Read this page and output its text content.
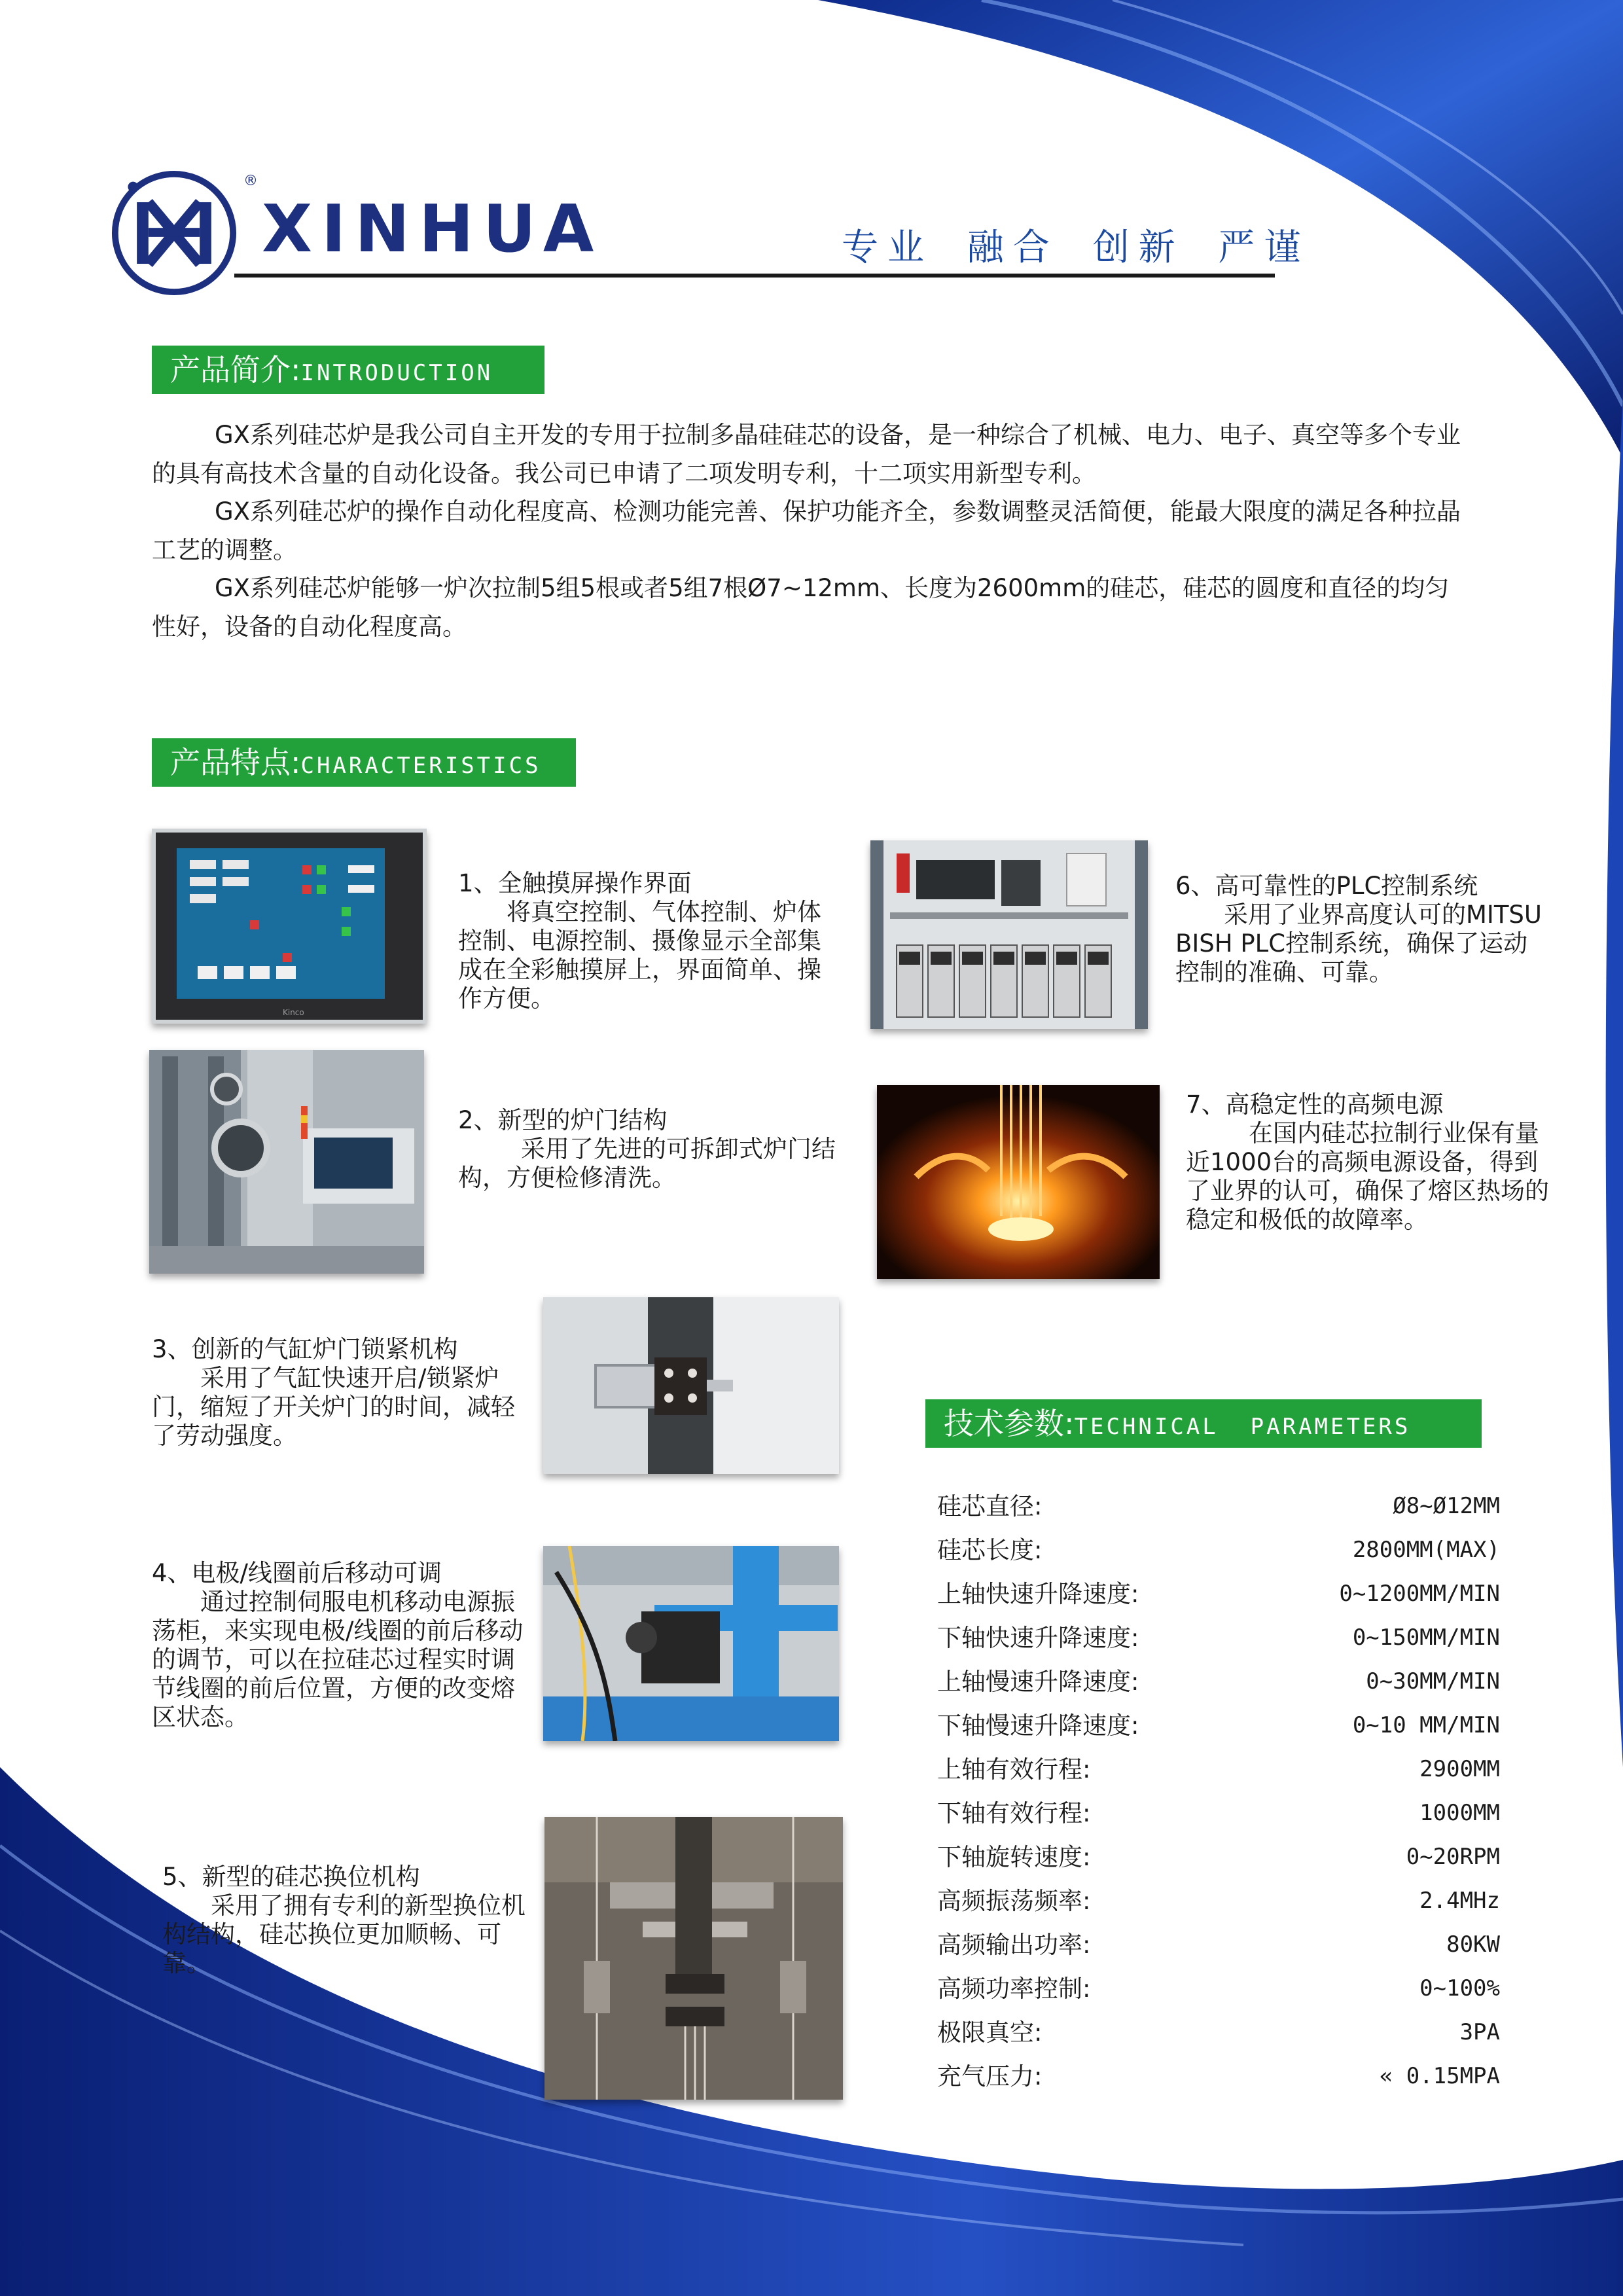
®
XINHUA	专业 融合 创新 严谨
产品简介:INTRODUCTION

GX系列硅芯炉是我公司自主开发的专用于拉制多晶硅硅芯的设备，是一种综合了机械、电力、电子、真空等多个专业的具有高技术含量的自动化设备。我公司已申请了二项发明专利，十二项实用新型专利。

GX系列硅芯炉的操作自动化程度高、检测功能完善、保护功能齐全，参数调整灵活简便，能最大限度的满足各种拉晶工艺的调整。

GX系列硅芯炉能够一炉次拉制5组5根或者5组7根Ø7~12mm、长度为2600mm的硅芯，硅芯的圆度和直径的均匀性好，设备的自动化程度高。

产品特点:CHARACTERISTICS
Kinco
1、全触摸屏操作界面
将真空控制、气体控制、炉体控制、电源控制、摄像显示全部集成在全彩触摸屏上，界面简单、操作方便。
2、新型的炉门结构
采用了先进的可拆卸式炉门结构，方便检修清洗。
3、创新的气缸炉门锁紧机构
采用了气缸快速开启/锁紧炉门，缩短了开关炉门的时间，减轻了劳动强度。
4、电极/线圈前后移动可调
通过控制伺服电机移动电源振荡柜，来实现电极/线圈的前后移动的调节，可以在拉硅芯过程实时调节线圈的前后位置，方便的改变熔区状态。
5、新型的硅芯换位机构
采用了拥有专利的新型换位机构结构，硅芯换位更加顺畅、可靠。
6、高可靠性的PLC控制系统
采用了业界高度认可的MITSUBISH PLC控制系统，确保了运动控制的准确、可靠。
7、高稳定性的高频电源
在国内硅芯拉制行业保有量近1000台的高频电源设备，得到了业界的认可，确保了熔区热场的稳定和极低的故障率。
技术参数:TECHNICAL  PARAMETERS
硅芯直径:	Ø8~Ø12MM
硅芯长度:	2800MM(MAX)
上轴快速升降速度:	0~1200MM/MIN
下轴快速升降速度:	0~150MM/MIN
上轴慢速升降速度:	0~30MM/MIN
下轴慢速升降速度:	0~10 MM/MIN
上轴有效行程:	2900MM
下轴有效行程:	1000MM
下轴旋转速度:	0~20RPM
高频振荡频率:	2.4MHz
高频输出功率:	80KW
高频功率控制:	0~100%
极限真空:	3PA
充气压力:	« 0.15MPA
